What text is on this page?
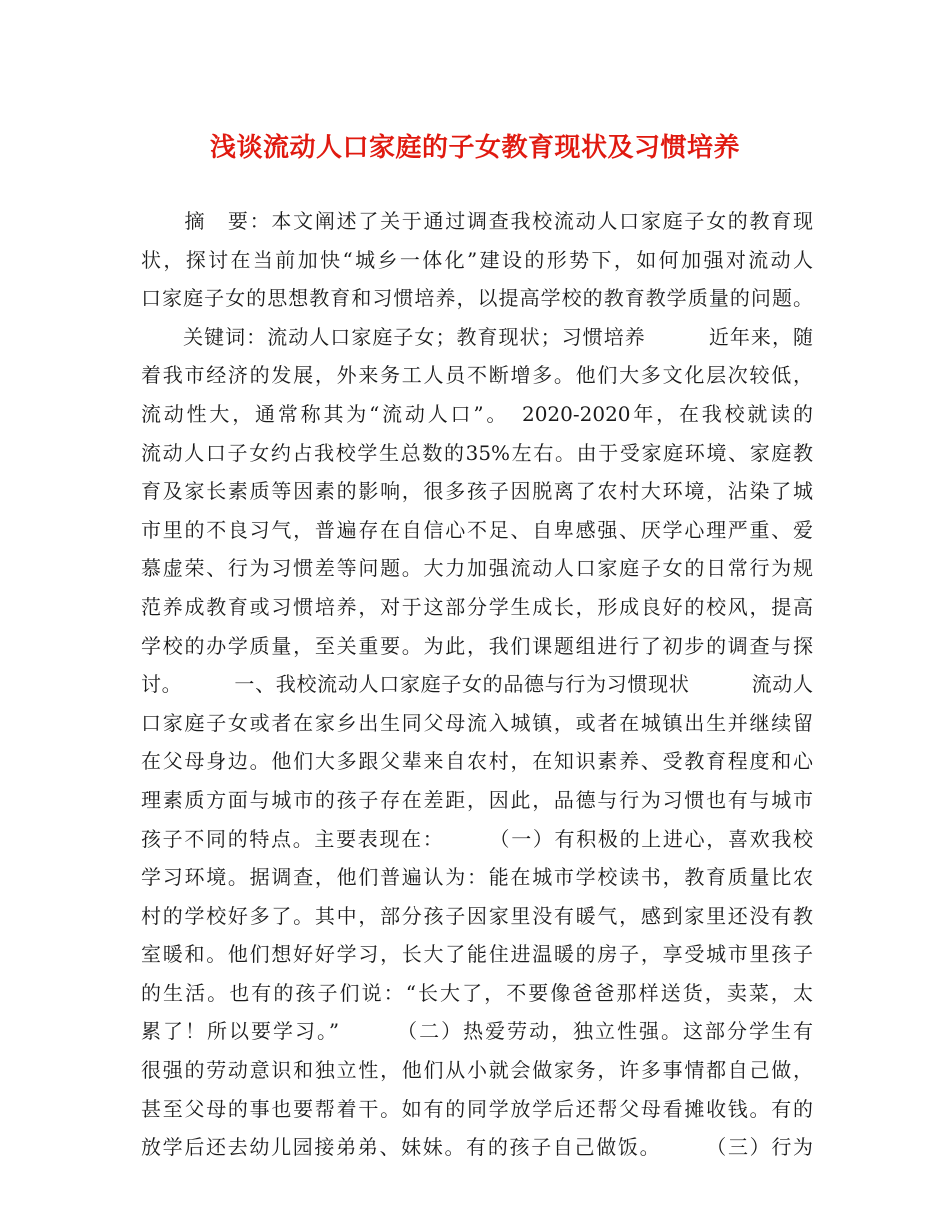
浅谈流动人口家庭的子女教育现状及习惯培养
　　摘　要：本文阐述了关于通过调查我校流动人口家庭子女的教育现
状，探讨在当前加快“城乡一体化”建设的形势下，如何加强对流动人
口家庭子女的思想教育和习惯培养，以提高学校的教育教学质量的问题。
　　关键词：流动人口家庭子女；教育现状；习惯培养　　　近年来，随
着我市经济的发展，外来务工人员不断增多。他们大多文化层次较低，
流动性大，通常称其为“流动人口”。　2020-2020年，在我校就读的
流动人口子女约占我校学生总数的35%左右。由于受家庭环境、家庭教
育及家长素质等因素的影响，很多孩子因脱离了农村大环境，沾染了城
市里的不良习气，普遍存在自信心不足、自卑感强、厌学心理严重、爱
慕虚荣、行为习惯差等问题。大力加强流动人口家庭子女的日常行为规
范养成教育或习惯培养，对于这部分学生成长，形成良好的校风，提高
学校的办学质量，至关重要。为此，我们课题组进行了初步的调查与探
讨。　　　一、我校流动人口家庭子女的品德与行为习惯现状　　　流动人
口家庭子女或者在家乡出生同父母流入城镇，或者在城镇出生并继续留
在父母身边。他们大多跟父辈来自农村，在知识素养、受教育程度和心
理素质方面与城市的孩子存在差距，因此，品德与行为习惯也有与城市
孩子不同的特点。主要表现在：　　　（一）有积极的上进心，喜欢我校
学习环境。据调查，他们普遍认为：能在城市学校读书，教育质量比农
村的学校好多了。其中，部分孩子因家里没有暖气，感到家里还没有教
室暖和。他们想好好学习，长大了能住进温暖的房子，享受城市里孩子
的生活。也有的孩子们说：“长大了，不要像爸爸那样送货，卖菜，太
累了！所以要学习。”　　　（二）热爱劳动，独立性强。这部分学生有
很强的劳动意识和独立性，他们从小就会做家务，许多事情都自己做，
甚至父母的事也要帮着干。如有的同学放学后还帮父母看摊收钱。有的
放学后还去幼儿园接弟弟、妹妹。有的孩子自己做饭。　　　（三）行为
